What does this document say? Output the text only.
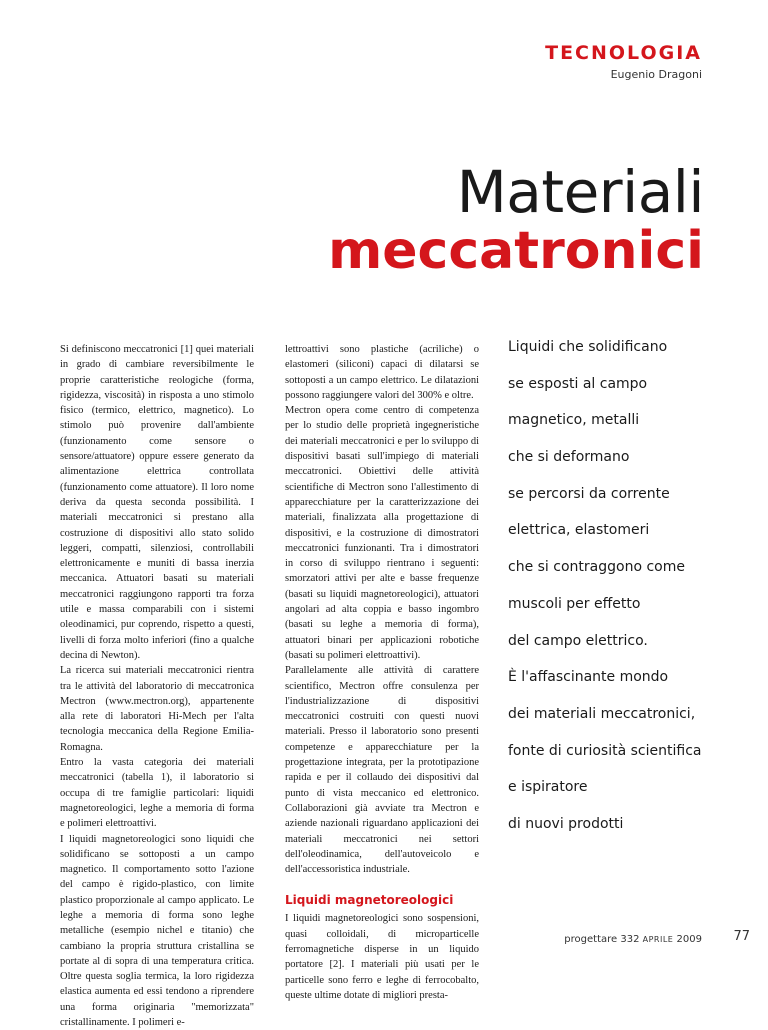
TECNOLOGIA
Eugenio Dragoni
Materiali
meccatronici

Si definiscono meccatronici [1] quei materiali in grado di cambiare reversibilmente le proprie caratteristiche reologiche (forma, rigidezza, viscosità) in risposta a uno stimolo fisico (termico, elettrico, magnetico). Lo stimolo può provenire dall'ambiente (funzionamento come sensore o sensore/attuatore) oppure essere generato da alimentazione elettrica controllata (funzionamento come attuatore). Il loro nome deriva da questa seconda possibilità. I materiali meccatronici si prestano alla costruzione di dispositivi allo stato solido leggeri, compatti, silenziosi, controllabili elettronicamente e muniti di bassa inerzia meccanica. Attuatori basati su materiali meccatronici raggiungono rapporti tra forza utile e massa comparabili con i sistemi oleodinamici, pur coprendo, rispetto a questi, livelli di forza molto inferiori (fino a qualche decina di Newton).

La ricerca sui materiali meccatronici rientra tra le attività del laboratorio di meccatronica Mectron (www.mectron.org), appartenente alla rete di laboratori Hi-Mech per l'alta tecnologia meccanica della Regione Emilia-Romagna.

Entro la vasta categoria dei materiali meccatronici (tabella 1), il laboratorio si occupa di tre famiglie particolari: liquidi magnetoreologici, leghe a memoria di forma e polimeri elettroattivi.

I liquidi magnetoreologici sono liquidi che solidificano se sottoposti a un campo magnetico. Il comportamento sotto l'azione del campo è rigido-plastico, con limite plastico proporzionale al campo applicato. Le leghe a memoria di forma sono leghe metalliche (esempio nichel e titanio) che cambiano la propria struttura cristallina se portate al di sopra di una temperatura critica. Oltre questa soglia termica, la loro rigidezza elastica aumenta ed essi tendono a riprendere una forma originaria "memorizzata" cristallinamente. I polimeri e-

lettroattivi sono plastiche (acriliche) o elastomeri (siliconi) capaci di dilatarsi se sottoposti a un campo elettrico. Le dilatazioni possono raggiungere valori del 300% e oltre.

Mectron opera come centro di competenza per lo studio delle proprietà ingegneristiche dei materiali meccatronici e per lo sviluppo di dispositivi basati sull'impiego di materiali meccatronici. Obiettivi delle attività scientifiche di Mectron sono l'allestimento di apparecchiature per la caratterizzazione dei materiali, finalizzata alla progettazione di dispositivi, e la costruzione di dimostratori meccatronici funzionanti. Tra i dimostratori in corso di sviluppo rientrano i seguenti: smorzatori attivi per alte e basse frequenze (basati su liquidi magnetoreologici), attuatori angolari ad alta coppia e basso ingombro (basati su leghe a memoria di forma), attuatori binari per applicazioni robotiche (basati su polimeri elettroattivi).

Parallelamente alle attività di carattere scientifico, Mectron offre consulenza per l'industrializzazione di dispositivi meccatronici costruiti con questi nuovi materiali. Presso il laboratorio sono presenti competenze e apparecchiature per la progettazione integrata, per la prototipazione rapida e per il collaudo dei dispositivi dal punto di vista meccanico ed elettronico. Collaborazioni già avviate tra Mectron e aziende nazionali riguardano applicazioni dei materiali meccatronici nei settori dell'oleodinamica, dell'autoveicolo e dell'accessoristica industriale.

Liquidi magnetoreologici

I liquidi magnetoreologici sono sospensioni, quasi colloidali, di microparticelle ferromagnetiche disperse in un liquido portatore [2]. I materiali più usati per le particelle sono ferro e leghe di ferrocobalto, queste ultime dotate di migliori presta-

Liquidi che solidificano
se esposti al campo
magnetico, metalli
che si deformano
se percorsi da corrente
elettrica, elastomeri
che si contraggono come
muscoli per effetto
del campo elettrico.
È l'affascinante mondo
dei materiali meccatronici,
fonte di curiosità scientifica
e ispiratore
di nuovi prodotti
progettare 332 APRILE 2009 77
